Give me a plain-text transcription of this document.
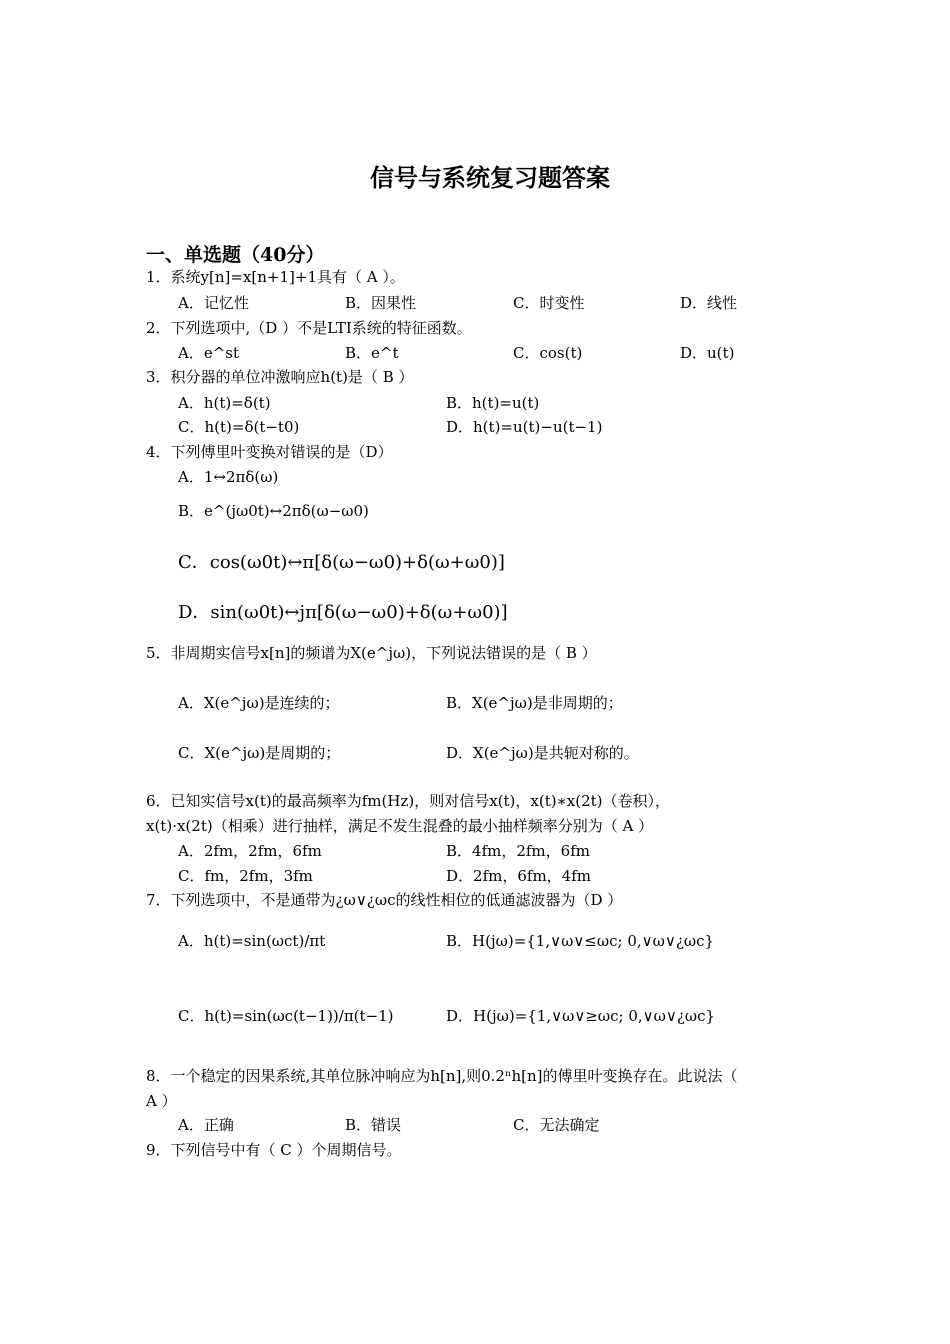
信号与系统复习题答案
一、单选题（40分）
1．系统y[n]=x[n+1]+1具有（ A ）。
A．记忆性	B．因果性	C．时变性	D．线性
2．下列选项中,（D ）不是LTI系统的特征函数。
A．e^st	B．e^t	C．cos(t)	D．u(t)
3．积分器的单位冲激响应h(t)是（ B ）
A．h(t)=δ(t)	B．h(t)=u(t)
C．h(t)=δ(t−t0)	D．h(t)=u(t)−u(t−1)
4．下列傅里叶变换对错误的是（D）
A．1↔2πδ(ω)
B．e^(jω0t)↔2πδ(ω−ω0)
C．cos(ω0t)↔π[δ(ω−ω0)+δ(ω+ω0)]
D．sin(ω0t)↔jπ[δ(ω−ω0)+δ(ω+ω0)]
5．非周期实信号x[n]的频谱为X(e^jω)，下列说法错误的是（ B ）
A．X(e^jω)是连续的；	B．X(e^jω)是非周期的；
C．X(e^jω)是周期的；	D．X(e^jω)是共轭对称的。
6．已知实信号x(t)的最高频率为fm(Hz)，则对信号x(t)，x(t)∗x(2t)（卷积），
x(t)·x(2t)（相乘）进行抽样，满足不发生混叠的最小抽样频率分别为（ A ）
A．2fm，2fm，6fm	B．4fm，2fm，6fm
C．fm，2fm，3fm	D．2fm，6fm，4fm
7．下列选项中，不是通带为¿ω∨¿ωc的线性相位的低通滤波器为（D ）
A．h(t)=sin(ωct)/πt	B．H(jω)={1,∨ω∨≤ωc; 0,∨ω∨¿ωc}
C．h(t)=sin(ωc(t−1))/π(t−1)	D．H(jω)={1,∨ω∨≥ωc; 0,∨ω∨¿ωc}
8．一个稳定的因果系统,其单位脉冲响应为h[n],则0.2ⁿh[n]的傅里叶变换存在。此说法（
A ）
A．正确	B．错误	C．无法确定
9．下列信号中有（ C ）个周期信号。
